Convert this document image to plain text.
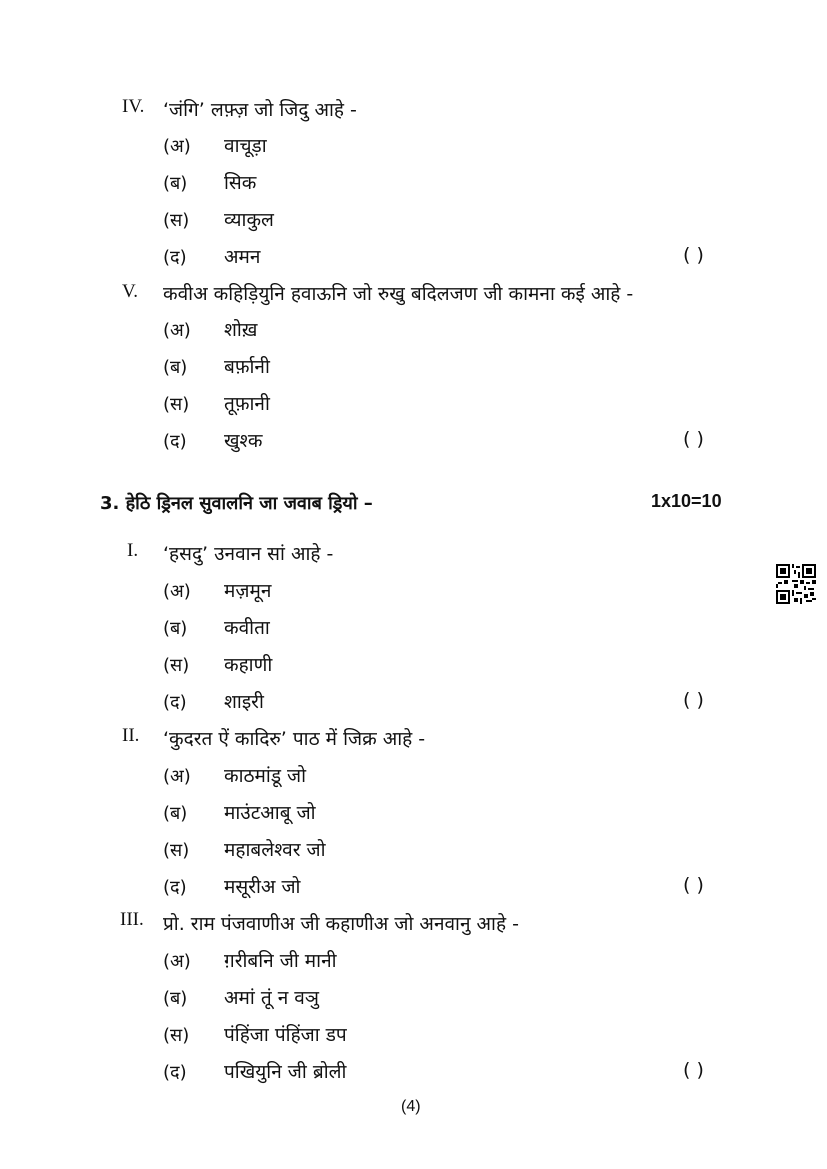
IV. ‘जंगि’ लफ़्ज़ जो जिदु आहे -
(अ) वाचूड़ा
(ब) सिक
(स) व्याकुल
(द) अमन	( )
V. कवीअ कहिड़ियुनि हवाऊनि जो रुखु बदिलजण जी कामना कई आहे -
(अ) शोख़
(ब) बर्फ़ानी
(स) तूफ़ानी
(द) खुश्क	( )
3. हेठि ड्रिनल सुवालनि जा जवाब ड्रियो –	1x10=10
I. ‘हसदु’ उनवान सां आहे -
(अ) मज़मून
(ब) कवीता
(स) कहाणी
(द) शाइरी	( )
II. ‘कुदरत ऐं कादिरु’ पाठ में जिक्र आहे -
(अ) काठमांडू जो
(ब) माउंटआबू जो
(स) महाबलेश्वर जो
(द) मसूरीअ जो	( )
III. प्रो. राम पंजवाणीअ जी कहाणीअ जो अनवानु आहे -
(अ) ग़रीबनि जी मानी
(ब) अमां तूं न वञु
(स) पंहिंजा पंहिंजा डप
(द) पखियुनि जी ब्रोली	( )
(4)
